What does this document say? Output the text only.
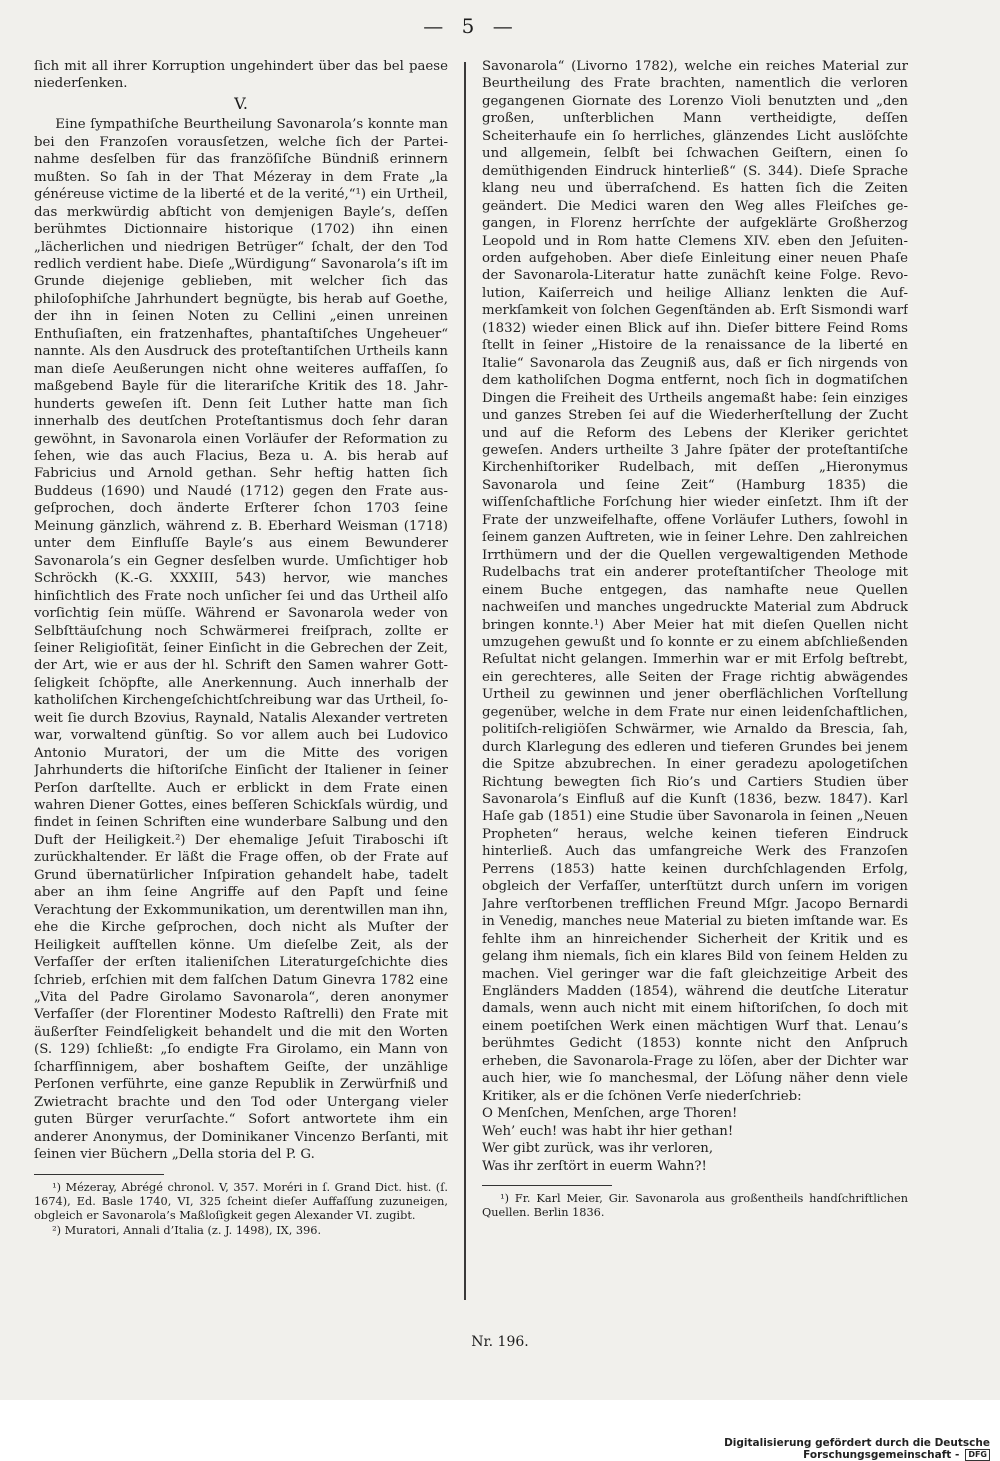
— 5 —

ſich mit all ihrer Korruption ungehindert über das bel paese niederſenken.

V.

Eine ſympathiſche Beurtheilung Savonarola’s konnte man bei den Franzoſen vorausſetzen, welche ſich der Parteinahme desſelben für das franzöſiſche Bündniß erinnern mußten. So ſah in der That Mézeray in dem Frate „la généreuse victime de la liberté et de la verité,“¹) ein Urtheil, das merkwürdig abſticht von demjenigen Bayle’s, deſſen berühmtes Dictionnaire historique (1702) ihn einen „lächerlichen und niedrigen Betrüger“ ſchalt, der den Tod redlich verdient habe. Dieſe „Würdigung“ Savonarola’s iſt im Grunde diejenige geblieben, mit welcher ſich das philoſophiſche Jahrhundert begnügte, bis herab auf Goethe, der ihn in ſeinen Noten zu Cellini „einen unreinen Enthuſiaſten, ein fratzenhaftes, phantaſtiſches Ungeheuer“ nannte. Als den Ausdruck des proteſtantiſchen Urtheils kann man dieſe Aeußerungen nicht ohne weiteres auffaſſen, ſo maßgebend Bayle für die literariſche Kritik des 18. Jahrhunderts geweſen iſt. Denn ſeit Luther hatte man ſich innerhalb des deutſchen Proteſtantismus doch ſehr daran gewöhnt, in Savonarola einen Vorläufer der Reformation zu ſehen, wie das auch Flacius, Beza u. A. bis herab auf Fabricius und Arnold gethan. Sehr heftig hatten ſich Buddeus (1690) und Naudé (1712) gegen den Frate ausgeſprochen, doch änderte Erſterer ſchon 1703 ſeine Meinung gänzlich, während z. B. Eberhard Weisman (1718) unter dem Einfluſſe Bayle’s aus einem Bewunderer Savonarola’s ein Gegner desſelben wurde. Umſichtiger hob Schröckh (K.-G. XXXIII, 543) hervor, wie manches hinſichtlich des Frate noch unſicher ſei und das Urtheil alſo vorſichtig ſein müſſe. Während er Savonarola weder von Selbſttäuſchung noch Schwärmerei freiſprach, zollte er ſeiner Religioſität, ſeiner Einſicht in die Gebrechen der Zeit, der Art, wie er aus der hl. Schrift den Samen wahrer Gottſeligkeit ſchöpfte, alle Anerkennung. Auch innerhalb der katholiſchen Kirchengeſchichtſchreibung war das Urtheil, ſoweit ſie durch Bzovius, Raynald, Natalis Alexander vertreten war, vorwaltend günſtig. So vor allem auch bei Ludovico Antonio Muratori, der um die Mitte des vorigen Jahrhunderts die hiſtoriſche Einſicht der Italiener in ſeiner Perſon darſtellte. Auch er erblickt in dem Frate einen wahren Diener Gottes, eines beſſeren Schickſals würdig, und findet in ſeinen Schriften eine wunderbare Salbung und den Duft der Heiligkeit.²) Der ehemalige Jeſuit Tiraboschi iſt zurückhaltender. Er läßt die Frage offen, ob der Frate auf Grund übernatürlicher Inſpiration gehandelt habe, tadelt aber an ihm ſeine Angriffe auf den Papſt und ſeine Verachtung der Exkommunikation, um derentwillen man ihn, ehe die Kirche geſprochen, doch nicht als Muſter der Heiligkeit aufſtellen könne. Um dieſelbe Zeit, als der Verfaſſer der erſten italieniſchen Literaturgeſchichte dies ſchrieb, erſchien mit dem falſchen Datum Ginevra 1782 eine „Vita del Padre Girolamo Savonarola“, deren anonymer Verfaſſer (der Florentiner Modesto Raſtrelli) den Frate mit äußerſter Feindſeligkeit behandelt und die mit den Worten (S. 129) ſchließt: „ſo endigte Fra Girolamo, ein Mann von ſcharfſinnigem, aber boshaftem Geiſte, der unzählige Perſonen verführte, eine ganze Republik in Zerwürfniß und Zwietracht brachte und den Tod oder Untergang vieler guten Bürger verurſachte.“ Sofort antwortete ihm ein anderer Anonymus, der Dominikaner Vincenzo Berſanti, mit ſeinen vier Büchern „Della storia del P. G.

¹) Mézeray, Abrégé chronol. V, 357. Moréri in ſ. Grand Dict. hist. (ſ. 1674), Ed. Basle 1740, VI, 325 ſcheint dieſer Auffaſſung zuzuneigen, obgleich er Savonarola’s Maßloſigkeit gegen Alexander VI. zugibt.

²) Muratori, Annali d’Italia (z. J. 1498), IX, 396.

Savonarola“ (Livorno 1782), welche ein reiches Material zur Beurtheilung des Frate brachten, namentlich die verloren gegangenen Giornate des Lorenzo Violi benutzten und „den großen, unſterblichen Mann vertheidigte, deſſen Scheiterhaufe ein ſo herrliches, glänzendes Licht auslöſchte und allgemein, ſelbſt bei ſchwachen Geiſtern, einen ſo demüthigenden Eindruck hinterließ“ (S. 344). Dieſe Sprache klang neu und überraſchend. Es hatten ſich die Zeiten geändert. Die Medici waren den Weg alles Fleiſches gegangen, in Florenz herrſchte der aufgeklärte Großherzog Leopold und in Rom hatte Clemens XIV. eben den Jeſuitenorden aufgehoben. Aber dieſe Einleitung einer neuen Phaſe der Savonarola-Literatur hatte zunächſt keine Folge. Revolution, Kaiſerreich und heilige Allianz lenkten die Aufmerkſamkeit von ſolchen Gegenſtänden ab. Erſt Sismondi warf (1832) wieder einen Blick auf ihn. Dieſer bittere Feind Roms ſtellt in ſeiner „Histoire de la renaissance de la liberté en Italie“ Savonarola das Zeugniß aus, daß er ſich nirgends von dem katholiſchen Dogma entfernt, noch ſich in dogmatiſchen Dingen die Freiheit des Urtheils angemaßt habe: ſein einziges und ganzes Streben ſei auf die Wiederherſtellung der Zucht und auf die Reform des Lebens der Kleriker gerichtet geweſen. Anders urtheilte 3 Jahre ſpäter der proteſtantiſche Kirchenhiſtoriker Rudelbach, mit deſſen „Hieronymus Savonarola und ſeine Zeit“ (Hamburg 1835) die wiſſenſchaftliche Forſchung hier wieder einſetzt. Ihm iſt der Frate der unzweifelhafte, offene Vorläufer Luthers, ſowohl in ſeinem ganzen Auftreten, wie in ſeiner Lehre. Den zahlreichen Irrthümern und der die Quellen vergewaltigenden Methode Rudelbachs trat ein anderer proteſtantiſcher Theologe mit einem Buche entgegen, das namhafte neue Quellen nachweiſen und manches ungedruckte Material zum Abdruck bringen konnte.¹) Aber Meier hat mit dieſen Quellen nicht umzugehen gewußt und ſo konnte er zu einem abſchließenden Reſultat nicht gelangen. Immerhin war er mit Erfolg beſtrebt, ein gerechteres, alle Seiten der Frage richtig abwägendes Urtheil zu gewinnen und jener oberflächlichen Vorſtellung gegenüber, welche in dem Frate nur einen leidenſchaftlichen, politiſch-religiöſen Schwärmer, wie Arnaldo da Brescia, ſah, durch Klarlegung des edleren und tieferen Grundes bei jenem die Spitze abzubrechen. In einer geradezu apologetiſchen Richtung bewegten ſich Rio’s und Cartiers Studien über Savonarola’s Einfluß auf die Kunſt (1836, bezw. 1847). Karl Haſe gab (1851) eine Studie über Savonarola in ſeinen „Neuen Propheten“ heraus, welche keinen tieferen Eindruck hinterließ. Auch das umfangreiche Werk des Franzoſen Perrens (1853) hatte keinen durchſchlagenden Erfolg, obgleich der Verfaſſer, unterſtützt durch unſern im vorigen Jahre verſtorbenen trefflichen Freund Mſgr. Jacopo Bernardi in Venedig, manches neue Material zu bieten imſtande war. Es fehlte ihm an hinreichender Sicherheit der Kritik und es gelang ihm niemals, ſich ein klares Bild von ſeinem Helden zu machen. Viel geringer war die faſt gleichzeitige Arbeit des Engländers Madden (1854), während die deutſche Literatur damals, wenn auch nicht mit einem hiſtoriſchen, ſo doch mit einem poetiſchen Werk einen mächtigen Wurf that. Lenau’s berühmtes Gedicht (1853) konnte nicht den Anſpruch erheben, die Savonarola-Frage zu löſen, aber der Dichter war auch hier, wie ſo manchesmal, der Löſung näher denn viele Kritiker, als er die ſchönen Verſe niederſchrieb:

O Menſchen, Menſchen, arge Thoren!

Weh’ euch! was habt ihr hier gethan!

Wer gibt zurück, was ihr verloren,

Was ihr zerſtört in euerm Wahn?!

¹) Fr. Karl Meier, Gir. Savonarola aus großentheils handſchriftlichen Quellen. Berlin 1836.

Nr. 196.
Digitalisierung gefördert durch die Deutsche Forschungsgemeinschaft - DFG
